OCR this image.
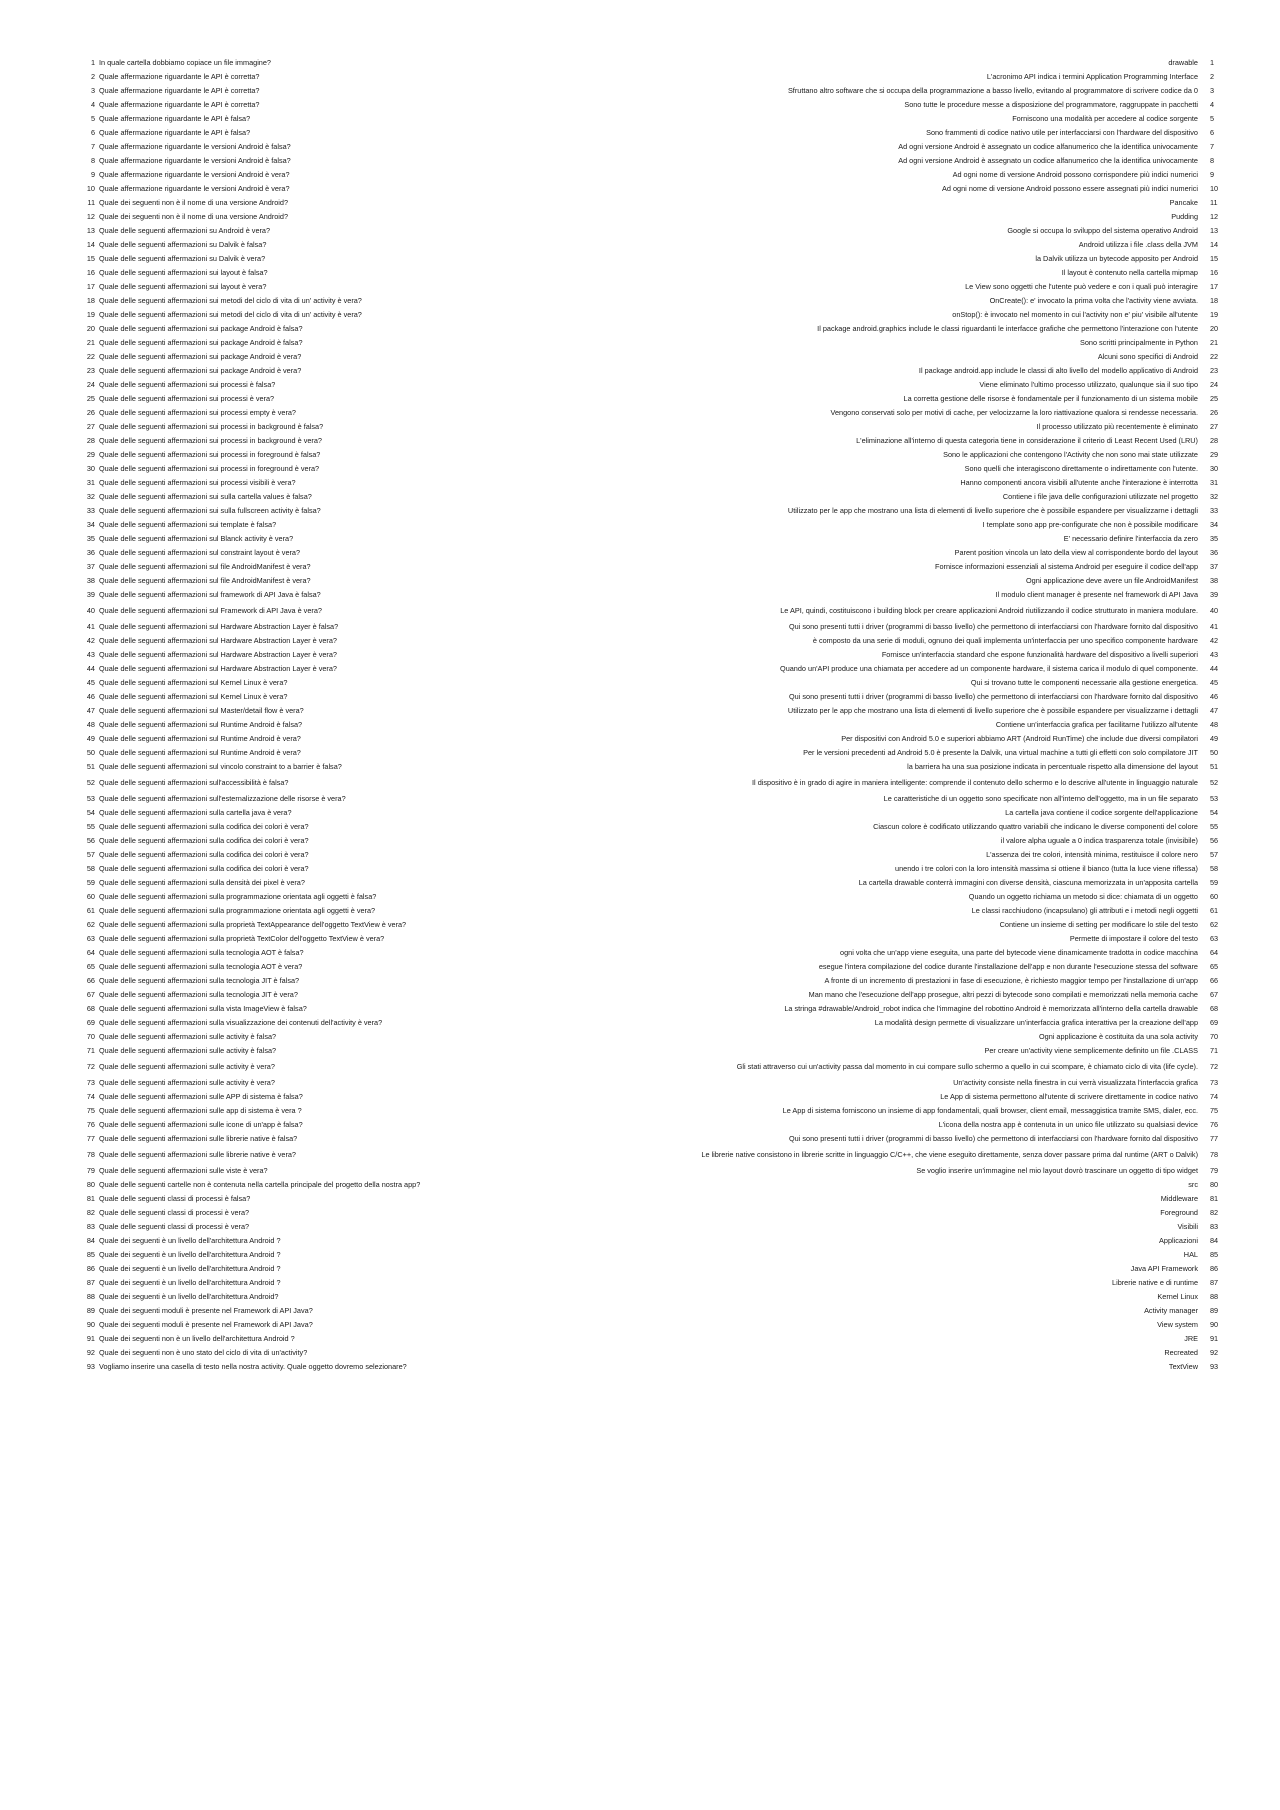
1 In quale cartella dobbiamo copiace un file immagine?	drawable 1
2 Quale affermazione riguardante le API è corretta?	L'acronimo API indica i termini Application Programming Interface 2
3 Quale affermazione riguardante le API è corretta?	Sfruttano altro software che si occupa della programmazione a basso livello, evitando al programmatore di scrivere codice da 0 3
4 Quale affermazione riguardante le API è corretta?	Sono tutte le procedure messe a disposizione del programmatore, raggruppate in pacchetti 4
5 Quale affermazione riguardante le API è falsa?	Forniscono una modalità per accedere al codice sorgente 5
6 Quale affermazione riguardante le API è falsa?	Sono frammenti di codice nativo utile per interfacciarsi con l'hardware del dispositivo 6
7 Quale affermazione riguardante le versioni Android è falsa?	Ad ogni versione Android è assegnato un codice alfanumerico che la identifica univocamente 7
8 Quale affermazione riguardante le versioni Android è falsa?	Ad ogni versione Android è assegnato un codice alfanumerico che la identifica univocamente 8
9 Quale affermazione riguardante le versioni Android è vera?	Ad ogni nome di versione Android possono corrispondere più indici numerici 9
10 Quale affermazione riguardante le versioni Android è vera?	Ad ogni nome di versione Android possono essere assegnati più indici numerici 10
11 Quale dei seguenti non è il nome di una versione Android?	Pancake 11
12 Quale dei seguenti non è il nome di una versione Android?	Pudding 12
13 Quale delle seguenti affermazioni su Android è vera?	Google si occupa lo sviluppo del sistema operativo Android 13
14 Quale delle seguenti affermazioni su Dalvik è falsa?	Android utilizza i file .class della JVM 14
15 Quale delle seguenti affermazioni su Dalvik è vera?	la Dalvik utilizza un bytecode apposito per Android 15
16 Quale delle seguenti affermazioni sui layout è falsa?	Il layout è contenuto nella cartella mipmap 16
17 Quale delle seguenti affermazioni sui layout è vera?	Le View sono oggetti che l'utente può vedere e con i quali può interagire 17
18 Quale delle seguenti affermazioni sui metodi del ciclo di vita di un' activity è vera?	OnCreate(): e' invocato la prima volta che l'activity viene avviata. 18
19 Quale delle seguenti affermazioni sui metodi del ciclo di vita di un' activity è vera?	onStop(): è invocato nel momento in cui l'activity non e' piu' visibile all'utente 19
20 Quale delle seguenti affermazioni sui package Android è falsa?	Il package android.graphics include le classi riguardanti le interfacce grafiche che permettono l'interazione con l'utente 20
21 Quale delle seguenti affermazioni sui package Android è falsa?	Sono scritti principalmente in Python 21
22 Quale delle seguenti affermazioni sui package Android è vera?	Alcuni sono specifici di Android 22
23 Quale delle seguenti affermazioni sui package Android è vera?	Il package android.app include le classi di alto livello del modello applicativo di Android 23
24 Quale delle seguenti affermazioni sui processi è falsa?	Viene eliminato l'ultimo processo utilizzato, qualunque sia il suo tipo 24
25 Quale delle seguenti affermazioni sui processi è vera?	La corretta gestione delle risorse è fondamentale per il funzionamento di un sistema mobile 25
26 Quale delle seguenti affermazioni sui processi empty è vera?	Vengono conservati solo per motivi di cache, per velocizzarne la loro riattivazione qualora si rendesse necessaria. 26
27 Quale delle seguenti affermazioni sui processi in background è falsa?	Il processo utilizzato più recentemente è eliminato 27
28 Quale delle seguenti affermazioni sui processi in background è vera?	L'eliminazione all'interno di questa categoria tiene in considerazione il criterio di Least Recent Used (LRU) 28
29 Quale delle seguenti affermazioni sui processi in foreground è falsa?	Sono le applicazioni che contengono l'Activity che non sono mai state utilizzate 29
30 Quale delle seguenti affermazioni sui processi in foreground è vera?	Sono quelli che interagiscono direttamente o indirettamente con l'utente. 30
31 Quale delle seguenti affermazioni sui processi visibili è vera?	Hanno componenti ancora visibili all'utente anche l'interazione è interrotta 31
32 Quale delle seguenti affermazioni sui sulla cartella values è falsa?	Contiene i file java delle configurazioni utilizzate nel progetto 32
33 Quale delle seguenti affermazioni sui sulla fullscreen activity è falsa?	Utilizzato per le app che mostrano una lista di elementi di livello superiore che è possibile espandere per visualizzarne i dettagli 33
34 Quale delle seguenti affermazioni sui template è falsa?	I template sono app pre-configurate che non è possibile modificare 34
35 Quale delle seguenti affermazioni sul Blanck activity è vera?	E' necessario definire l'interfaccia da zero 35
36 Quale delle seguenti affermazioni sul constraint layout è vera?	Parent position vincola un lato della view al corrispondente bordo del layout 36
37 Quale delle seguenti affermazioni sul file AndroidManifest è vera?	Fornisce informazioni essenziali al sistema Android per eseguire il codice dell'app 37
38 Quale delle seguenti affermazioni sul file AndroidManifest è vera?	Ogni applicazione deve avere un file AndroidManifest 38
39 Quale delle seguenti affermazioni sul framework di API Java è falsa?	Il modulo client manager è presente nel framework di API Java 39
40 Quale delle seguenti affermazioni sul Framework di API Java è vera?	Le API, quindi, costituiscono i building block per creare applicazioni Android riutilizzando il codice strutturato in maniera modulare. 40
41 Quale delle seguenti affermazioni sul Hardware Abstraction Layer è falsa?	Qui sono presenti tutti i driver (programmi di basso livello) che permettono di interfacciarsi con l'hardware fornito dal dispositivo 41
42 Quale delle seguenti affermazioni sul Hardware Abstraction Layer è vera?	è composto da una serie di moduli, ognuno dei quali implementa un'interfaccia per uno specifico componente hardware 42
43 Quale delle seguenti affermazioni sul Hardware Abstraction Layer è vera?	Fornisce un'interfaccia standard che espone funzionalità hardware del dispositivo a livelli superiori 43
44 Quale delle seguenti affermazioni sul Hardware Abstraction Layer è vera?	Quando un'API produce una chiamata per accedere ad un componente hardware, il sistema carica il modulo di quel componente. 44
45 Quale delle seguenti affermazioni sul Kernel Linux è vera?	Qui si trovano tutte le componenti necessarie alla gestione energetica. 45
46 Quale delle seguenti affermazioni sul Kernel Linux è vera?	Qui sono presenti tutti i driver (programmi di basso livello) che permettono di interfacciarsi con l'hardware fornito dal dispositivo 46
47 Quale delle seguenti affermazioni sul Master/detail flow è vera?	Utilizzato per le app che mostrano una lista di elementi di livello superiore che è possibile espandere per visualizzarne i dettagli 47
48 Quale delle seguenti affermazioni sul Runtime Android è falsa?	Contiene un'interfaccia grafica per facilitarne l'utilizzo all'utente 48
49 Quale delle seguenti affermazioni sul Runtime Android è vera?	Per dispositivi con Android 5.0 e superiori abbiamo ART (Android RunTime) che include due diversi compilatori 49
50 Quale delle seguenti affermazioni sul Runtime Android è vera?	Per le versioni precedenti ad Android 5.0 è presente la Dalvik, una virtual machine a tutti gli effetti con solo compilatore JIT 50
51 Quale delle seguenti affermazioni sul vincolo constraint to a barrier è falsa?	la barriera ha una sua posizione indicata in percentuale rispetto alla dimensione del layout 51
52 Quale delle seguenti affermazioni sull'accessibilità è falsa?	Il dispositivo è in grado di agire in maniera intelligente: comprende il contenuto dello schermo e lo descrive all'utente in linguaggio naturale 52
53 Quale delle seguenti affermazioni sull'esternalizzazione delle risorse è vera?	Le caratteristiche di un oggetto sono specificate non all'interno dell'oggetto, ma in un file separato 53
54 Quale delle seguenti affermazioni sulla cartella java è vera?	La cartella java contiene il codice sorgente dell'applicazione 54
55 Quale delle seguenti affermazioni sulla codifica dei colori è vera?	Ciascun colore è codificato utilizzando quattro variabili che indicano le diverse componenti del colore 55
56 Quale delle seguenti affermazioni sulla codifica dei colori è vera?	il valore alpha uguale a 0 indica trasparenza totale (invisibile) 56
57 Quale delle seguenti affermazioni sulla codifica dei colori è vera?	L'assenza dei tre colori, intensità minima, restituisce il colore nero 57
58 Quale delle seguenti affermazioni sulla codifica dei colori è vera?	unendo i tre colori con la loro intensità massima si ottiene il bianco (tutta la luce viene riflessa) 58
59 Quale delle seguenti affermazioni sulla densità dei pixel è vera?	La cartella drawable conterrà immagini con diverse densità, ciascuna memorizzata in un'apposita cartella 59
60 Quale delle seguenti affermazioni sulla programmazione orientata agli oggetti è falsa?	Quando un oggetto richiama un metodo si dice: chiamata di un oggetto 60
61 Quale delle seguenti affermazioni sulla programmazione orientata agli oggetti è vera?	Le classi racchiudono (incapsulano) gli attributi e i metodi negli oggetti 61
62 Quale delle seguenti affermazioni sulla proprietà TextAppearance dell'oggetto TextView è vera?	Contiene un insieme di setting per modificare lo stile del testo 62
63 Quale delle seguenti affermazioni sulla proprietà TextColor dell'oggetto TextView è vera?	Permette di impostare il colore del testo 63
64 Quale delle seguenti affermazioni sulla tecnologia AOT è falsa?	ogni volta che un'app viene eseguita, una parte del bytecode viene dinamicamente tradotta in codice macchina 64
65 Quale delle seguenti affermazioni sulla tecnologia AOT è vera?	esegue l'intera compilazione del codice durante l'installazione dell'app e non durante l'esecuzione stessa del software 65
66 Quale delle seguenti affermazioni sulla tecnologia JIT è falsa?	A fronte di un incremento di prestazioni in fase di esecuzione, è richiesto maggior tempo per l'installazione di un'app 66
67 Quale delle seguenti affermazioni sulla tecnologia JIT è vera?	Man mano che l'esecuzione dell'app prosegue, altri pezzi di bytecode sono compilati e memorizzati nella memoria cache 67
68 Quale delle seguenti affermazioni sulla vista ImageView è falsa?	La stringa #drawable/Android_robot indica che l'immagine del robottino Android è memorizzata all'interno della cartella drawable 68
69 Quale delle seguenti affermazioni sulla visualizzazione dei contenuti dell'activity è vera?	La modalità design permette di visualizzare un'interfaccia grafica interattiva per la creazione dell'app 69
70 Quale delle seguenti affermazioni sulle activity è falsa?	Ogni applicazione è costituita da una sola activity 70
71 Quale delle seguenti affermazioni sulle activity è falsa?	Per creare un'activity viene semplicemente definito un file .CLASS 71
72 Quale delle seguenti affermazioni sulle activity è vera?	Gli stati attraverso cui un'activity passa dal momento in cui compare sullo schermo a quello in cui scompare, è chiamato ciclo di vita (life cycle). 72
73 Quale delle seguenti affermazioni sulle activity è vera?	Un'activity consiste nella finestra in cui verrà visualizzata l'interfaccia grafica 73
74 Quale delle seguenti affermazioni sulle APP di sistema è falsa?	Le App di sistema permettono all'utente di scrivere direttamente in codice nativo 74
75 Quale delle seguenti affermazioni sulle app di sistema è vera ?	Le App di sistema forniscono un insieme di app fondamentali, quali browser, client email, messaggistica tramite SMS, dialer, ecc. 75
76 Quale delle seguenti affermazioni sulle icone di un'app è falsa?	L'icona della nostra app è contenuta in un unico file utilizzato su qualsiasi device 76
77 Quale delle seguenti affermazioni sulle librerie native è falsa?	Qui sono presenti tutti i driver (programmi di basso livello) che permettono di interfacciarsi con l'hardware fornito dal dispositivo 77
78 Quale delle seguenti affermazioni sulle librerie native è vera?	Le librerie native consistono in librerie scritte in linguaggio C/C++, che viene eseguito direttamente, senza dover passare prima dal runtime (ART o Dalvik) 78
79 Quale delle seguenti affermazioni sulle viste è vera?	Se voglio inserire un'immagine nel mio layout dovrò trascinare un oggetto di tipo widget 79
80 Quale delle seguenti cartelle non è contenuta nella cartella principale del progetto della nostra app?	src 80
81 Quale delle seguenti classi di processi è falsa?	Middleware 81
82 Quale delle seguenti classi di processi è vera?	Foreground 82
83 Quale delle seguenti classi di processi è vera?	Visibili 83
84 Quale dei seguenti è un livello dell'architettura Android ?	Applicazioni 84
85 Quale dei seguenti è un livello dell'architettura Android ?	HAL 85
86 Quale dei seguenti è un livello dell'architettura Android ?	Java API Framework 86
87 Quale dei seguenti è un livello dell'architettura Android ?	Librerie native e di runtime 87
88 Quale dei seguenti è un livello dell'architettura Android?	Kernel Linux 88
89 Quale dei seguenti moduli è presente nel Framework di API Java?	Activity manager 89
90 Quale dei seguenti moduli è presente nel Framework di API Java?	View system 90
91 Quale dei seguenti non è un livello dell'architettura Android ?	JRE 91
92 Quale dei seguenti non è uno stato del ciclo di vita di un'activity?	Recreated 92
93 Vogliamo inserire una casella di testo nella nostra activity. Quale oggetto dovremo selezionare?	TextView 93
